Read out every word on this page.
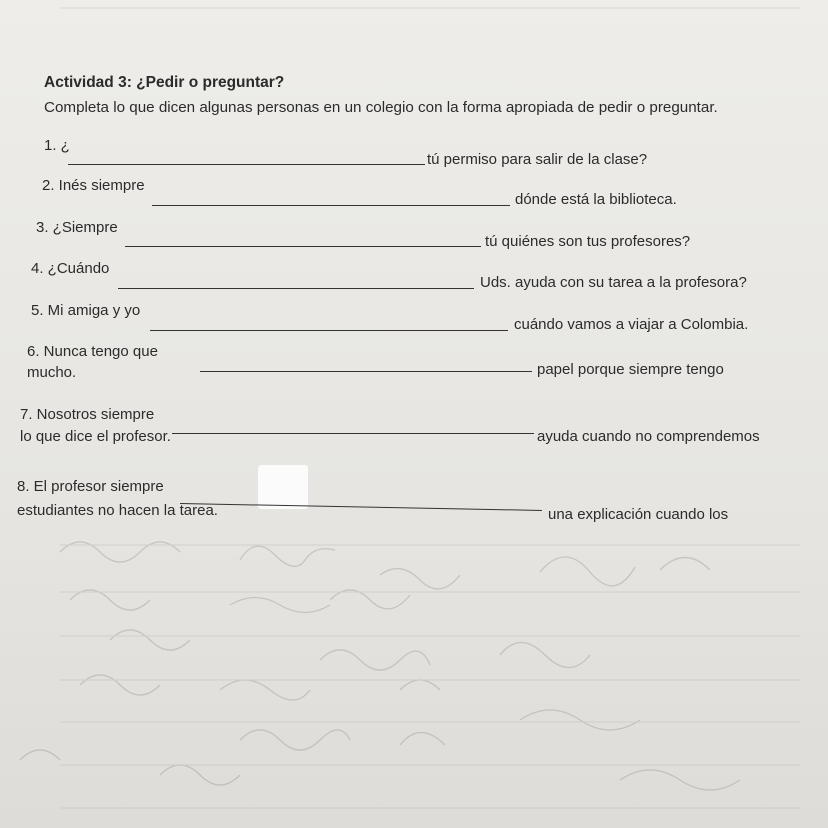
Actividad 3: ¿Pedir o preguntar?
Completa lo que dicen algunas personas en un colegio con la forma apropiada de pedir o preguntar.
1. ¿
tú permiso para salir de la clase?
2. Inés siempre
dónde está la biblioteca.
3. ¿Siempre
tú quiénes son tus profesores?
4. ¿Cuándo
Uds. ayuda con su tarea a la profesora?
5. Mi amiga y yo
cuándo vamos a viajar a Colombia.
6. Nunca tengo que
papel porque siempre tengo
mucho.
7. Nosotros siempre
ayuda cuando no comprendemos
lo que dice el profesor.
8. El profesor siempre
una explicación cuando los
estudiantes no hacen la tarea.
